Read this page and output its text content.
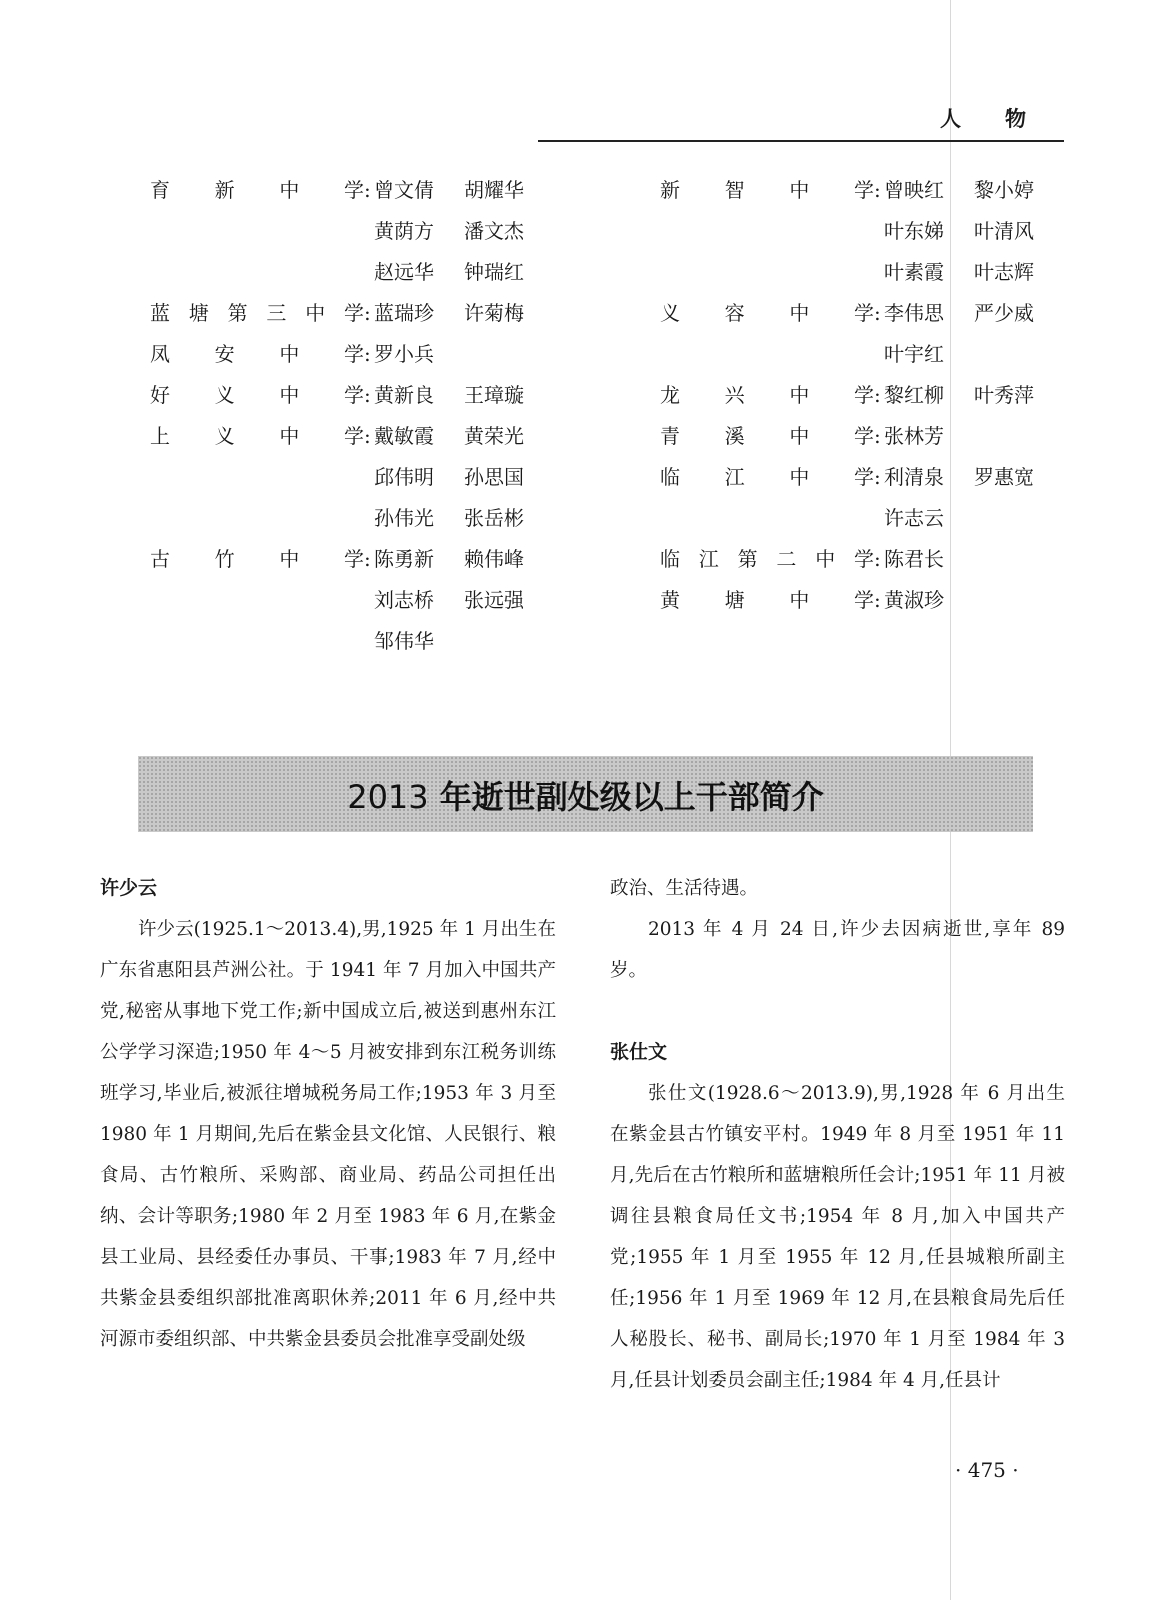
人物
育 新 中 学 : 曾文倩 胡耀华
黄荫方 潘文杰
赵远华 钟瑞红
蓝 塘 第 三 中 学 : 蓝瑞珍 许菊梅
凤 安 中 学 : 罗小兵
好 义 中 学 : 黄新良 王璋璇
上 义 中 学 : 戴敏霞 黄荣光
邱伟明 孙思国
孙伟光 张岳彬
古 竹 中 学 : 陈勇新 赖伟峰
刘志桥 张远强
邹伟华
新 智 中 学 : 曾映红 黎小婷
叶东娣 叶清风
叶素霞 叶志辉
义 容 中 学 : 李伟思 严少威
叶宇红
龙 兴 中 学 : 黎红柳 叶秀萍
青 溪 中 学 : 张林芳
临 江 中 学 : 利清泉 罗惠宽
许志云
临 江 第 二 中 学 : 陈君长
黄 塘 中 学 : 黄淑珍
2013 年逝世副处级以上干部简介

许少云

许少云(1925.1～2013.4),男,1925 年 1 月出生在广东省惠阳县芦洲公社。于 1941 年 7 月加入中国共产党,秘密从事地下党工作;新中国成立后,被送到惠州东江公学学习深造;1950 年 4～5 月被安排到东江税务训练班学习,毕业后,被派往增城税务局工作;1953 年 3 月至 1980 年 1 月期间,先后在紫金县文化馆、人民银行、粮食局、古竹粮所、采购部、商业局、药品公司担任出纳、会计等职务;1980 年 2 月至 1983 年 6 月,在紫金县工业局、县经委任办事员、干事;1983 年 7 月,经中共紫金县委组织部批准离职休养;2011 年 6 月,经中共河源市委组织部、中共紫金县委员会批准享受副处级

政治、生活待遇。

2013 年 4 月 24 日,许少去因病逝世,享年 89 岁。

张仕文

张仕文(1928.6～2013.9),男,1928 年 6 月出生在紫金县古竹镇安平村。1949 年 8 月至 1951 年 11 月,先后在古竹粮所和蓝塘粮所任会计;1951 年 11 月被调往县粮食局任文书;1954 年 8 月,加入中国共产党;1955 年 1 月至 1955 年 12 月,任县城粮所副主任;1956 年 1 月至 1969 年 12 月,在县粮食局先后任人秘股长、秘书、副局长;1970 年 1 月至 1984 年 3 月,任县计划委员会副主任;1984 年 4 月,任县计

· 475 ·
